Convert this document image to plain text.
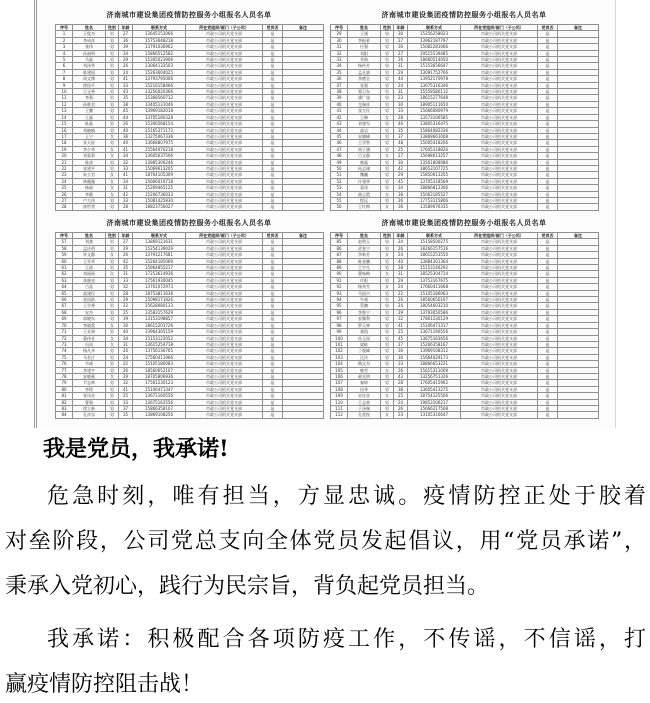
济南城市建设集团疫情防控服务小组报名人员名单
序号	姓名	性别	年龄	联系方式	所在党组织/部门（子公司）	党员否	备注
1	王俊杰	男	27	13645153066	市政公司机关党支部	是	
2	李成祥	男	36	15753648218	市政公司机关党支部	是	
3	张伟	男	39	13791036962	市政公司机关党支部	是	
4	孙福明	男	34	15866512582	市政公司机关党支部	是	
5	马磊	男	29	15305023906	市政公司机关党支部	是	
6	刘泽华	男	26	13064133503	市政公司机关党支部	是	
7	陈建国	男	24	15263604025	市政公司机关党支部	是	
8	周文博	男	41	13793795006	市政公司机关党支部	是	
9	徐国平	男	33	15216158466	市政公司机关党支部	是	
10	王宝善	男	43	13256020366	市政公司机关党支部	是	
11	李强	男	35	15368560712	市政公司机关党支部	是	
12	孙维君	男	38	13405131046	市政公司机关党支部	是	
13	王鹏	男	45	13969182018	市政公司机关党支部	是	
14	王磊	男	44	13705180328	市政公司机关党支部	是	
15	陈晶	男	26	15306568154	市政公司机关党支部	是	
16	刘晓楠	男	40	15165371172	市政公司机关党支部	是	
17	王宁	女	36	13275067336	市政公司机关党支部	是	
18	张天舒	男	40	13668807975	市政公司机关党支部	是	
19	李少华	女	41	15564076218	市政公司机关党支部	是	
20	刘爱莉	女	34	13605637506	市政公司机关党支部	是	
21	陈涛	男	32	13985306246	市政公司机关党支部	是	
22	张建平	男	33	15069613205	市政公司机关党支部	是	
23	朱立君	女	41	18764105309	市政公司机关党支部	是	
24	林薇薇	女	34	15666019718	市政公司机关党支部	是	
25	杨丽	女	31	15269465125	市政公司机关党支部	是	
26	李静	女	42	15206736033	市政公司机关党支部	是	
27	卢大伟	男	33	15081425830	市政公司机关党支部	是	
28	崔世勇	男	28	18823756027	市政公司机关党支部	是	
济南城市建设集团疫情防控服务小组报名人员名单
序号	姓名	性别	年龄	联系方式	所在党组织/部门（子公司）	党员否	备注
29	王刚	男	30	15256258023	市政公司机关党支部	是	
30	李振景	男	27	13962187797	市政公司机关党支部	是	
31	付强	男	30	15082281066	市政公司机关党支部	是	
32	刘阳	男	27	19515539485	市政公司机关党支部	是	
33	李海	男	26	18660514050	市政公司机关党支部	是	
34	杨传芳	男	31	15153656647	市政公司机关党支部	是	
35	孟凡斌	男	29	13091752766	市政公司机关党支部	是	
36	李德全	男	44	13952170978	市政公司机关党支部	是	
37	张强	男	24	13675316346	市政公司机关党支部	是	
38	郑卫东	男	31	15558580112	市政公司机关党支部	是	
39	潘广旭	男	23	18615277648	市政公司机关党支部	是	
40	尤瑞祥	男	30	18905111650	市政公司机关党支部	是	
41	张万民	男	33	15666080979	市政公司机关党支部	是	
42	王琳	女	28	13573106585	市政公司机关党支部	是	
43	刘建军	男	46	13805316475	市政公司机关党支部	是	
44	高岩	男	35	15864082336	市政公司机关党支部	是	
45	宋晓峰	男	37	13869661008	市政公司机关党支部	是	
46	王学智	男	48	15005418206	市政公司机关党支部	是	
47	周子涵	男	25	17605318826	市政公司机关党支部	是	
48	吕文静	女	27	15698013257	市政公司机关党支部	是	
49	韩磊	男	30	13561808086	市政公司机关党支部	是	
50	孙志刚	男	42	18653107725	市政公司机关党支部	是	
51	魏巍	男	29	15850613205	市政公司机关党支部	是	
52	许建华	男	45	13705318569	市政公司机关党支部	是	
53	姜涛	男	34	18866812306	市政公司机关党支部	是	
54	曲云霞	女	38	15063185527	市政公司机关党支部	是	
55	程远	男	26	17753115806	市政公司机关党支部	是	
56	王红梅	女	36	13589076335	市政公司机关党支部	是	
济南城市建设集团疫情防控服务小组报名人员名单
序号	姓名	性别	年龄	联系方式	所在党组织/部门（子公司）	党员否	备注
57	刘童	男	27	13869121631	市政公司机关党支部	是	
58	孟庆明	男	29	15254139029	市政公司机关党支部	是	
59	毕文静	女	26	13791217681	市政公司机关党支部	是	
60	王军华	男	42	15264185069	市政公司机关党支部	是	
61	王波	男	35	15964855217	市政公司机关党支部	是	
62	刘丽丽	女	31	17253614936	市政公司机关党支部	是	
63	张晓亮	男	33	17561930045	市政公司机关党支部	是	
64	吕品	男	32	13761072973	市政公司机关党支部	是	
65	高建民	男	28	18753811636	市政公司机关党支部	是	
66	张国防	男	29	15098171826	市政公司机关党支部	是	
67	王学善	男	22	15628080133	市政公司机关党支部	是	
68	宋杰	男	25	13583157629	市政公司机关党支部	是	
69	郭晓东	男	39	13153198857	市政公司机关党支部	是	
70	李晓蕾	女	30	18615203726	市政公司机关党支部	是	
71	王亚洲	男	40	13964305159	市政公司机关党支部	是	
72	董伟亚	女	34	15153122052	市政公司机关党支部	是	
73	冯雨	女	31	13615254718	市政公司机关党支部	是	
74	杨凡舟	男	26	13756136765	市政公司机关党支部	是	
75	马若汀	男	24	17560411966	市政公司机关党支部	是	
76	韦威	男	22	15105186083	市政公司机关党支部	是	
77	李建宇	男	26	18560652107	市政公司机关党支部	是	
78	安晓燕	女	29	18705806936	市政公司机关党支部	是	
79	尹志林	男	32	17561230123	市政公司机关党支部	是	
80	李铭	男	41	15106471347	市政公司机关党支部	是	
81	张凤亮	男	25	13671160556	市政公司机关党支部	是	
82	曹强	男	33	13675163556	市政公司机关党支部	是	
83	徐立新	男	37	15866358107	市政公司机关党支部	是	
84	孔祥东	男	35	13869108256	市政公司机关党支部	是	
济南城市建设集团疫情防控服务小组报名人员名单
序号	姓名	性别	年龄	联系方式	所在党组织/部门（子公司）	党员否	备注
85	赵明玉	男	24	15158500275	市政公司机关党支部	是	
86	武春宁	男	26	18266157516	市政公司机关党支部	是	
87	李新芳	女	24	18615253550	市政公司机关党支部	是	
88	陈金鹏	男	40	13884301364	市政公司机关党支部	是	
89	王宇凡	男	28	15153146292	市政公司机关党支部	是	
90	董咏梅	女	31	18525304714	市政公司机关党支部	是	
91	许阳	男	29	13753167675	市政公司机关党支部	是	
92	杨兆雪	女	24	17660411668	市政公司机关党支部	是	
93	马国兴	男	22	15105186063	市政公司机关党支部	是	
94	牛威	男	26	18560650197	市政公司机关党支部	是	
95	蔡鹏	男	24	18054603210	市政公司机关党支部	是	
96	李鲁宁	男	29	13793050586	市政公司机关党支部	是	
97	安顺利	男	32	17861230129	市政公司机关党支部	是	
98	罗天林	男	41	15106471317	市政公司机关党支部	是	
99	郑凯	男	25	13671190556	市政公司机关党支部	是	
100	孙玉国	男	45	13675163656	市政公司机关党支部	是	
101	梁栋	男	27	15266358167	市政公司机关党支部	是	
102	丁俊峰	男	36	13969108312	市政公司机关党支部	是	
103	汪洋	男	30	15664029173	市政公司机关党支部	是	
104	隋文杰	男	33	18866653221	市政公司机关党支部	是	
105	韩雪	女	26	15615311009	市政公司机关党支部	是	
106	郝光明	男	43	13256751326	市政公司机关党支部	是	
107	秦坤	男	28	17605415962	市政公司机关党支部	是	
108	田华	男	38	13605413275	市政公司机关党支部	是	
109	宋佳音	女	25	18754125506	市政公司机关党支部	是	
110	王志豪	男	24	19853106217	市政公司机关党支部	是	
111	于泽瑞	男	26	15666217508	市政公司机关党支部	是	
112	孔欣悦	女	23	13105316647	市政公司机关党支部	是	
我是党员，我承诺!
危急时刻，唯有担当，方显忠诚。疫情防控正处于胶着
对垒阶段，公司党总支向全体党员发起倡议，用“党员承诺”，
秉承入党初心，践行为民宗旨，背负起党员担当。
我承诺：积极配合各项防疫工作，不传谣，不信谣，打
赢疫情防控阻击战！
